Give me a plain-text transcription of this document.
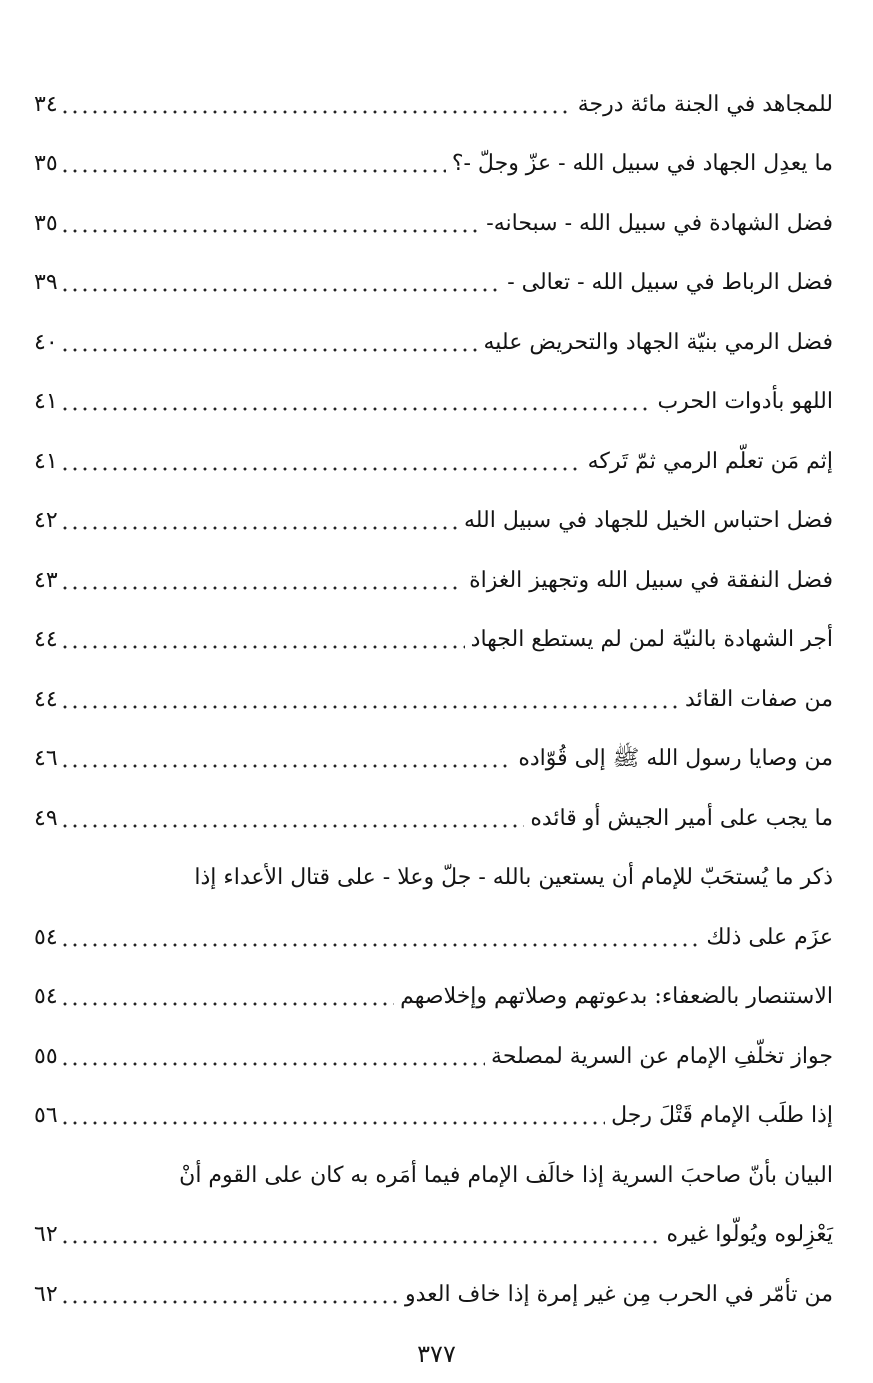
للمجاهد في الجنة مائة درجة
٣٤
ما يعدِل الجهاد في سبيل الله - عزّ وجلّ -؟
٣٥
فضل الشهادة في سبيل الله - سبحانه-
٣٥
فضل الرباط في سبيل الله - تعالى -
٣٩
فضل الرمي بنيّة الجهاد والتحريض عليه
٤٠
اللهو بأدوات الحرب
٤١
إثم مَن تعلّم الرمي ثمّ تَركه
٤١
فضل احتباس الخيل للجهاد في سبيل الله
٤٢
فضل النفقة في سبيل الله وتجهيز الغزاة
٤٣
أجر الشهادة بالنيّة لمن لم يستطع الجهاد
٤٤
من صفات القائد
٤٤
من وصايا رسول الله ﷺ إلى قُوّاده
٤٦
ما يجب على أمير الجيش أو قائده
٤٩
ذكر ما يُستحَبّ للإمام أن يستعين بالله - جلّ وعلا - على قتال الأعداء إذا
عزَم على ذلك
٥٤
الاستنصار بالضعفاء: بدعوتهم وصلاتهم وإخلاصهم
٥٤
جواز تخلّفِ الإمام عن السرية لمصلحة
٥٥
إذا طلَب الإمام قَتْلَ رجل
٥٦
البيان بأنّ صاحبَ السرية إذا خالَف الإمام فيما أمَره به كان على القوم أنْ
يَعْزِلوه ويُولّوا غيره
٦٢
من تأمّر في الحرب مِن غير إمرة إذا خاف العدو
٦٢
٣٧٧
